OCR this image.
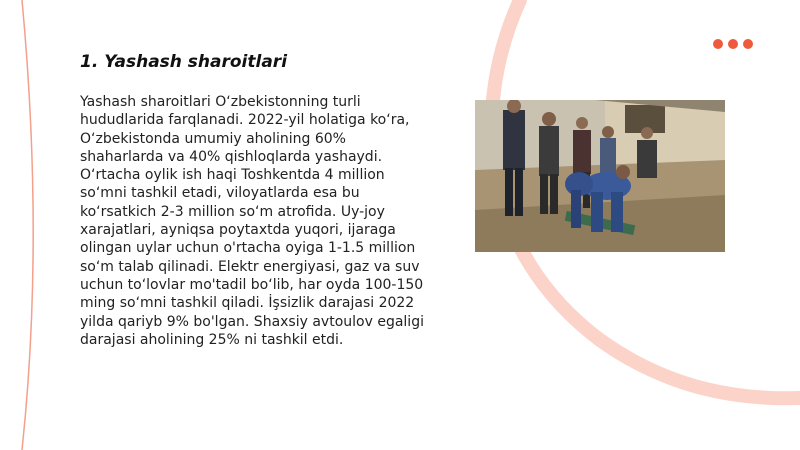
1. Yashash sharoitlari

Yashash sharoitlari O‘zbekistonning turli hududlarida farqlanadi. 2022-yil holatiga ko‘ra, O‘zbekistonda umumiy aholining 60% shaharlarda va 40% qishloqlarda yashaydi. O‘rtacha oylik ish haqi Toshkentda 4 million so‘mni tashkil etadi, viloyatlarda esa bu ko‘rsatkich 2-3 million so‘m atrofida. Uy-joy xarajatlari, ayniqsa poytaxtda yuqori, ijaraga olingan uylar uchun o'rtacha oyiga 1-1.5 million so‘m talab qilinadi. Elektr energiyasi, gaz va suv uchun to‘lovlar mo'tadil bo‘lib, har oyda 100-150 ming so‘mni tashkil qiladi. İşsizlik darajasi 2022 yilda qariyb 9% bo'lgan. Shaxsiy avtoulov egaligi darajasi aholining 25% ni tashkil etdi.
